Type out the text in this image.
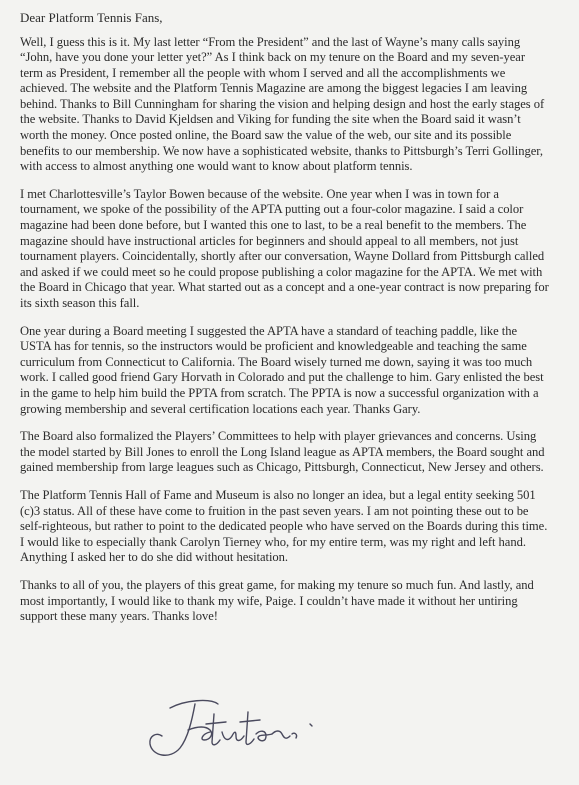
Dear Platform Tennis Fans,

Well, I guess this is it. My last letter “From the President” and the last of Wayne’s many calls saying “John, have you done your letter yet?” As I think back on my tenure on the Board and my seven-year term as President, I remember all the people with whom I served and all the accomplishments we achieved. The website and the Platform Tennis Magazine are among the biggest legacies I am leaving behind. Thanks to Bill Cunningham for sharing the vision and helping design and host the early stages of the website. Thanks to David Kjeldsen and Viking for funding the site when the Board said it wasn’t worth the money. Once posted online, the Board saw the value of the web, our site and its possible benefits to our membership. We now have a sophisticated website, thanks to Pittsburgh’s Terri Gollinger, with access to almost anything one would want to know about platform tennis.

I met Charlottesville’s Taylor Bowen because of the website. One year when I was in town for a tournament, we spoke of the possibility of the APTA putting out a four-color magazine. I said a color magazine had been done before, but I wanted this one to last, to be a real benefit to the members. The magazine should have instructional articles for beginners and should appeal to all members, not just tournament players. Coincidentally, shortly after our conversation, Wayne Dollard from Pittsburgh called and asked if we could meet so he could propose publishing a color magazine for the APTA. We met with the Board in Chicago that year. What started out as a concept and a one-year contract is now preparing for its sixth season this fall.

One year during a Board meeting I suggested the APTA have a standard of teaching paddle, like the USTA has for tennis, so the instructors would be proficient and knowledgeable and teaching the same curriculum from Connecticut to California. The Board wisely turned me down, saying it was too much work. I called good friend Gary Horvath in Colorado and put the challenge to him. Gary enlisted the best in the game to help him build the PPTA from scratch. The PPTA is now a successful organization with a growing membership and several certification locations each year. Thanks Gary.

The Board also formalized the Players’ Committees to help with player grievances and concerns. Using the model started by Bill Jones to enroll the Long Island league as APTA members, the Board sought and gained membership from large leagues such as Chicago, Pittsburgh, Connecticut, New Jersey and others.

The Platform Tennis Hall of Fame and Museum is also no longer an idea, but a legal entity seeking 501 (c)3 status. All of these have come to fruition in the past seven years. I am not pointing these out to be self-righteous, but rather to point to the dedicated people who have served on the Boards during this time. I would like to especially thank Carolyn Tierney who, for my entire term, was my right and left hand. Anything I asked her to do she did without hesitation.

Thanks to all of you, the players of this great game, for making my tenure so much fun. And lastly, and most importantly, I would like to thank my wife, Paige. I couldn’t have made it without her untiring support these many years. Thanks love!
